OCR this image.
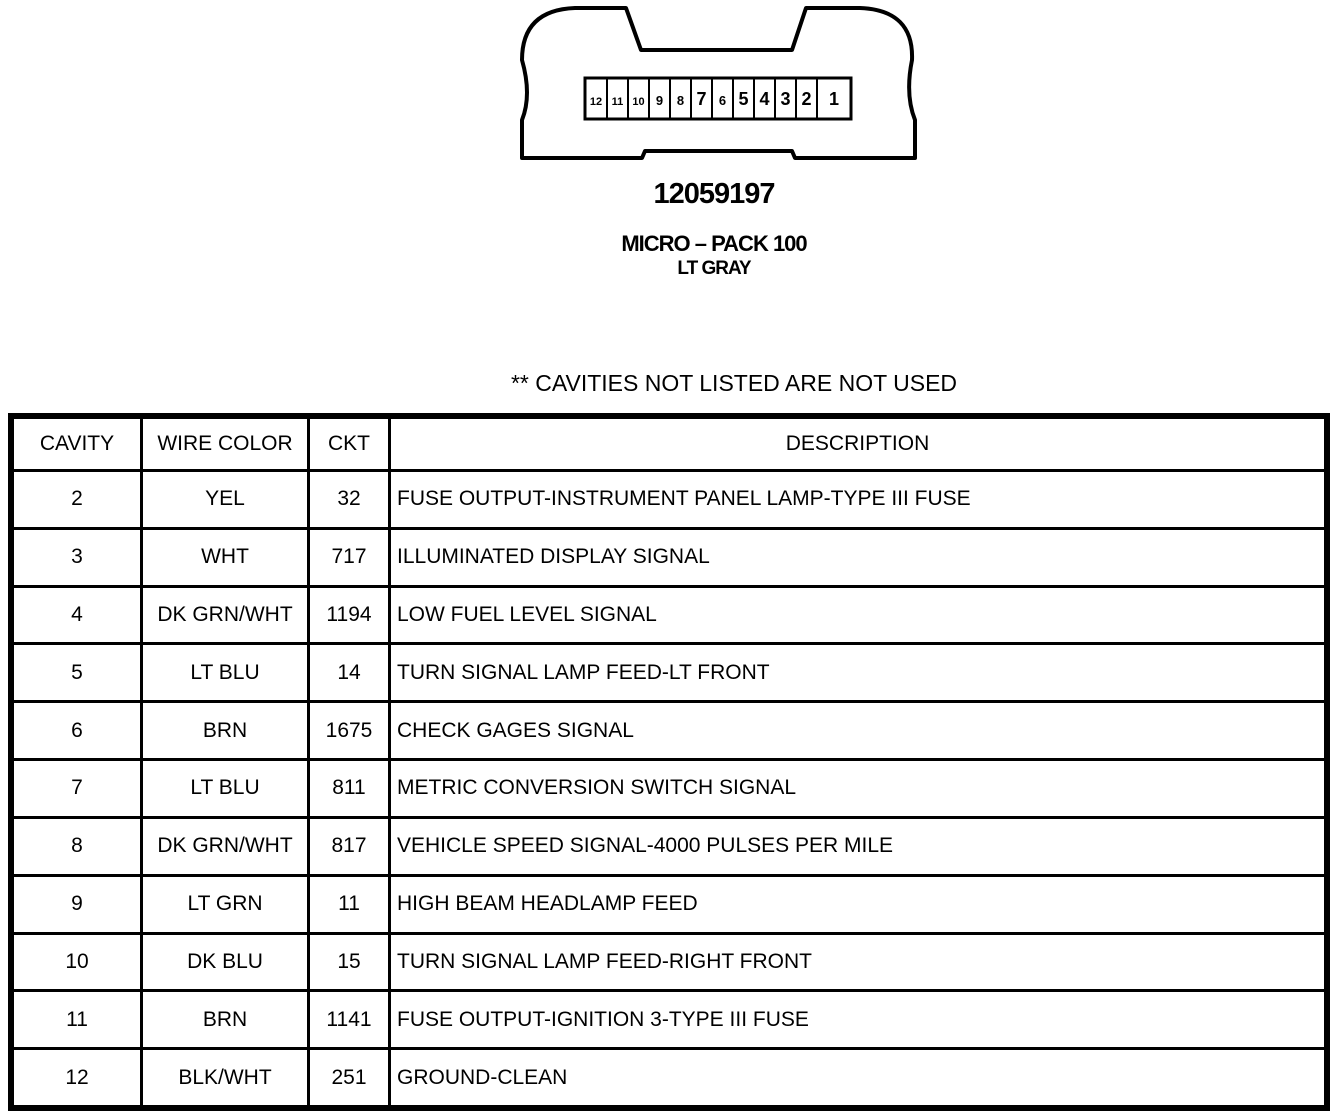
12 11 10 9 8 7 6 5 4 3 2 1
12059197
MICRO – PACK 100
LT GRAY
** CAVITIES NOT LISTED ARE NOT USED
CAVITY	WIRE COLOR	CKT	DESCRIPTION
2	YEL	32	FUSE OUTPUT-INSTRUMENT PANEL LAMP-TYPE III FUSE
3	WHT	717	ILLUMINATED DISPLAY SIGNAL
4	DK GRN/WHT	1194	LOW FUEL LEVEL SIGNAL
5	LT BLU	14	TURN SIGNAL LAMP FEED-LT FRONT
6	BRN	1675	CHECK GAGES SIGNAL
7	LT BLU	811	METRIC CONVERSION SWITCH SIGNAL
8	DK GRN/WHT	817	VEHICLE SPEED SIGNAL-4000 PULSES PER MILE
9	LT GRN	11	HIGH BEAM HEADLAMP FEED
10	DK BLU	15	TURN SIGNAL LAMP FEED-RIGHT FRONT
11	BRN	1141	FUSE OUTPUT-IGNITION 3-TYPE III FUSE
12	BLK/WHT	251	GROUND-CLEAN
